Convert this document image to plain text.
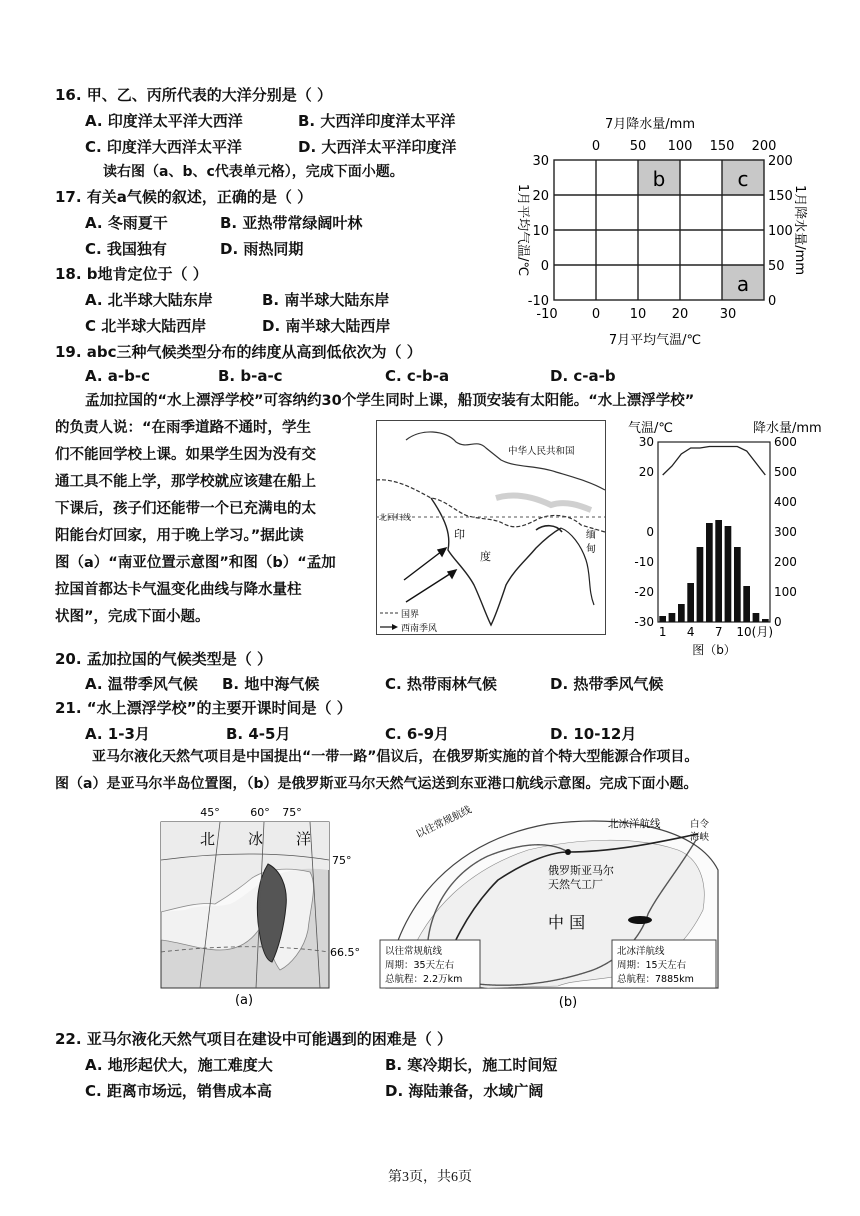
16. 甲、乙、丙所代表的大洋分别是（ ）
A. 印度洋太平洋大西洋	B. 大西洋印度洋太平洋
C. 印度洋大西洋太平洋	D. 大西洋太平洋印度洋
读右图（a、b、c代表单元格），完成下面小题。
17. 有关a气候的叙述，正确的是（ ）
A. 冬雨夏干	B. 亚热带常绿阔叶林
C. 我国独有	D. 雨热同期
18. b地肯定位于（ ）
A. 北半球大陆东岸	B. 南半球大陆东岸
C 北半球大陆西岸	D. 南半球大陆西岸
19. abc三种气候类型分布的纬度从高到低依次为（ ）
A. a-b-c	B. b-a-c	C. c-b-a	D. c-a-b
7月降水量/mm
0 50 100 150 200
b	c
a
30
20
10
0
-10
1月平均气温/℃
200
150
100
50
0
1月降水量/mm
-10	0 10 20 30
7月平均气温/℃
孟加拉国的“水上漂浮学校”可容纳约30个学生同时上课，船顶安装有太阳能。“水上漂浮学校”
的负责人说：“在雨季道路不通时，学生
们不能回学校上课。如果学生因为没有交
通工具不能上学，那学校就应该建在船上
下课后，孩子们还能带一个已充满电的太
阳能台灯回家，用于晚上学习。”据此读
图（a）“南亚位置示意图”和图（b）“孟加
拉国首都达卡气温变化曲线与降水量柱
状图”，完成下面小题。
北回归线
中华人民共和国
印
度
缅
甸
国界
西南季风
气温/℃	降水量/mm
30
20
0
-10
-20
-30
600
500
400
300
200
100
0
1 4 7 10(月)
图（b）
20. 孟加拉国的气候类型是（ ）
A. 温带季风气候 B. 地中海气候	C. 热带雨林气候	D. 热带季风气候
21. “水上漂浮学校”的主要开课时间是（ ）
A. 1-3月	B. 4-5月	C. 6-9月	D. 10-12月
亚马尔液化天然气项目是中国提出“一带一路”倡议后，在俄罗斯实施的首个特大型能源合作项目。
图（a）是亚马尔半岛位置图，（b）是俄罗斯亚马尔天然气运送到东亚港口航线示意图。完成下面小题。
45°	60° 75°
北 冰 洋
75°
66.5°
(a)
以往常规航线	北冰洋航线	白令
海峡
俄罗斯亚马尔
天然气工厂
中 国
以往常规航线
周期：35天左右
总航程：2.2万km
北冰洋航线
周期：15天左右
总航程：7885km
(b)
22. 亚马尔液化天然气项目在建设中可能遇到的困难是（ ）
A. 地形起伏大，施工难度大	B. 寒冷期长，施工时间短
C. 距离市场远，销售成本高	D. 海陆兼备，水域广阔
第3页，共6页
